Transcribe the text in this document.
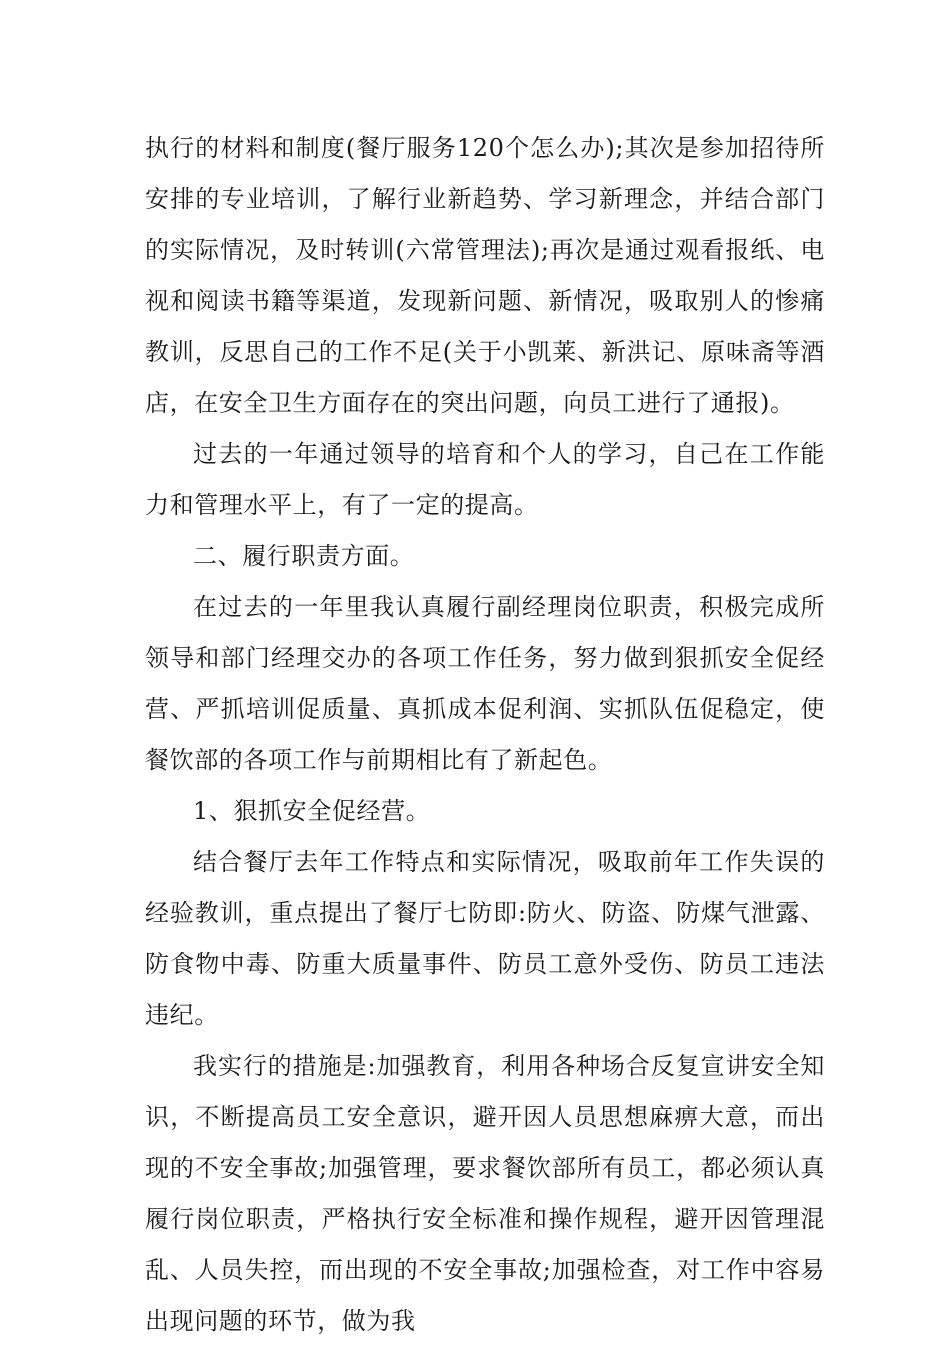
执行的材料和制度(餐厅服务120个怎么办);其次是参加招待所安排的专业培训，了解行业新趋势、学习新理念，并结合部门的实际情况，及时转训(六常管理法);再次是通过观看报纸、电视和阅读书籍等渠道，发现新问题、新情况，吸取别人的惨痛教训，反思自己的工作不足(关于小凯莱、新洪记、原味斋等酒店，在安全卫生方面存在的突出问题，向员工进行了通报)。

过去的一年通过领导的培育和个人的学习，自己在工作能力和管理水平上，有了一定的提高。

二、履行职责方面。

在过去的一年里我认真履行副经理岗位职责，积极完成所领导和部门经理交办的各项工作任务，努力做到狠抓安全促经营、严抓培训促质量、真抓成本促利润、实抓队伍促稳定，使餐饮部的各项工作与前期相比有了新起色。

1、狠抓安全促经营。

结合餐厅去年工作特点和实际情况，吸取前年工作失误的经验教训，重点提出了餐厅七防即:防火、防盗、防煤气泄露、防食物中毒、防重大质量事件、防员工意外受伤、防员工违法违纪。

我实行的措施是:加强教育，利用各种场合反复宣讲安全知识，不断提高员工安全意识，避开因人员思想麻痹大意，而出现的不安全事故;加强管理，要求餐饮部所有员工，都必须认真履行岗位职责，严格执行安全标准和操作规程，避开因管理混乱、人员失控，而出现的不安全事故;加强检查，对工作中容易出现问题的环节，做为我
